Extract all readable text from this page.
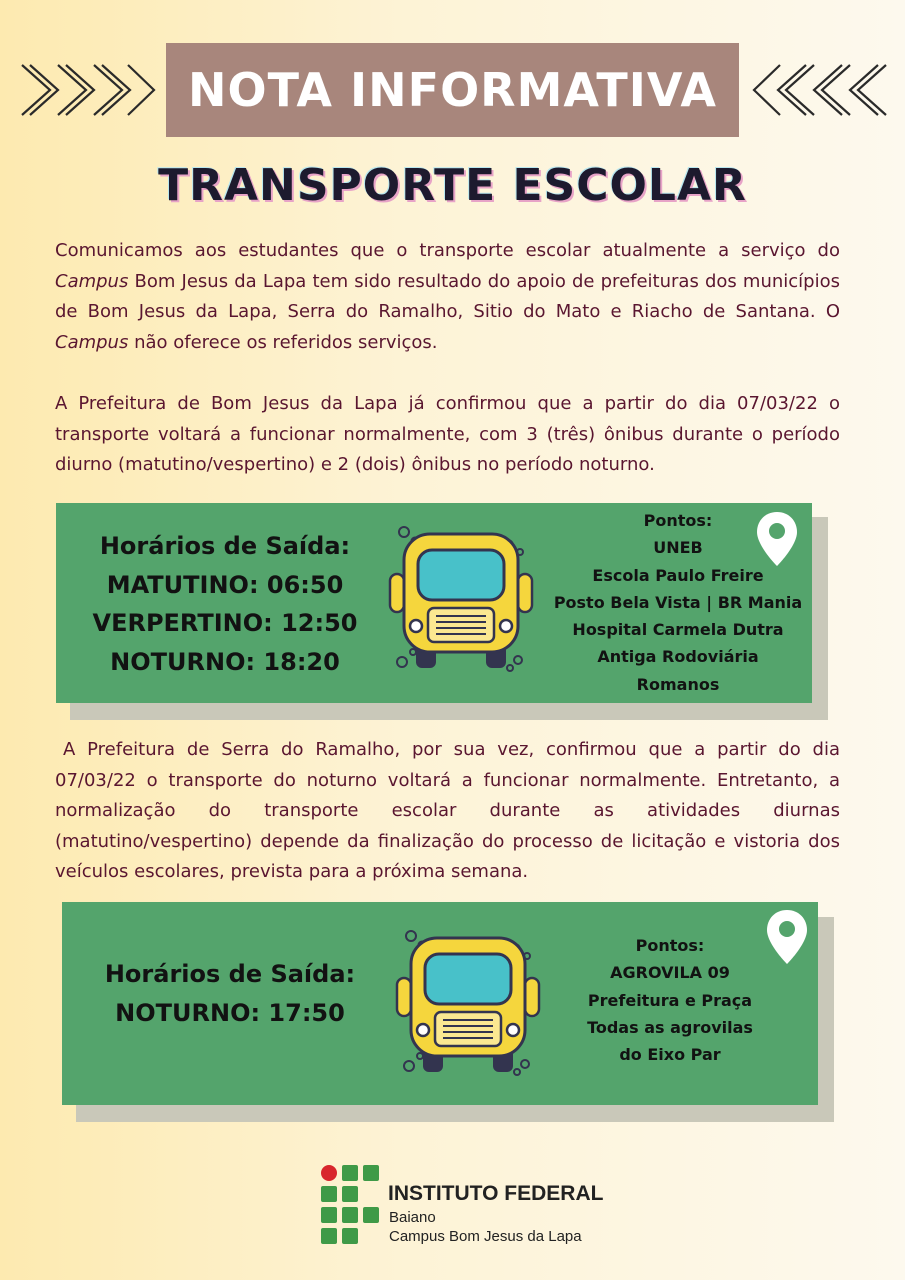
NOTA INFORMATIVA
TRANSPORTE ESCOLAR

Comunicamos aos estudantes que o transporte escolar atualmente a serviço do Campus Bom Jesus da Lapa tem sido resultado do apoio de prefeituras dos municípios de Bom Jesus da Lapa, Serra do Ramalho, Sitio do Mato e Riacho de Santana. O Campus não oferece os referidos serviços.

A Prefeitura de Bom Jesus da Lapa já confirmou que a partir do dia 07/03/22 o transporte voltará a funcionar normalmente, com 3 (três) ônibus durante o período diurno (matutino/vespertino) e 2 (dois) ônibus no período noturno.
Horários de Saída:
MATUTINO: 06:50
VERPERTINO: 12:50
NOTURNO: 18:20
Pontos:
UNEB
Escola Paulo Freire
Posto Bela Vista | BR Mania
Hospital Carmela Dutra
Antiga Rodoviária
Romanos
A Prefeitura de Serra do Ramalho, por sua vez, confirmou que a partir do dia 07/03/22 o transporte do noturno voltará a funcionar normalmente. Entretanto, a normalização do transporte escolar durante as atividades diurnas (matutino/vespertino) depende da finalização do processo de licitação e vistoria dos veículos escolares, prevista para a próxima semana.
Horários de Saída:
NOTURNO: 17:50
Pontos:
AGROVILA 09
Prefeitura e Praça
Todas as agrovilas
do Eixo Par
INSTITUTO FEDERAL
Baiano
Campus Bom Jesus da Lapa
